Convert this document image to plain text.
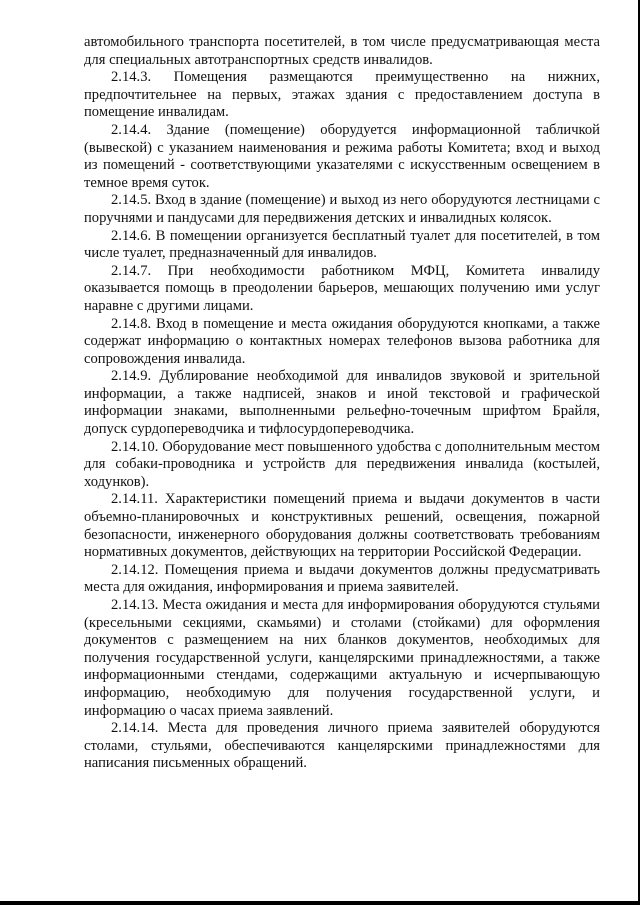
автомобильного транспорта посетителей, в том числе предусматривающая места для специальных автотранспортных средств инвалидов.

2.14.3. Помещения размещаются преимущественно на нижних, предпочтительнее на первых, этажах здания с предоставлением доступа в помещение инвалидам.

2.14.4. Здание (помещение) оборудуется информационной табличкой (вывеской) с указанием наименования и режима работы Комитета; вход и выход из помещений - соответствующими указателями с искусственным освещением в темное время суток.

2.14.5. Вход в здание (помещение) и выход из него оборудуются лестницами с поручнями и пандусами для передвижения детских и инвалидных колясок.

2.14.6. В помещении организуется бесплатный туалет для посетителей, в том числе туалет, предназначенный для инвалидов.

2.14.7. При необходимости работником МФЦ, Комитета инвалиду оказывается помощь в преодолении барьеров, мешающих получению ими услуг наравне с другими лицами.

2.14.8. Вход в помещение и места ожидания оборудуются кнопками, а также содержат информацию о контактных номерах телефонов вызова работника для сопровождения инвалида.

2.14.9. Дублирование необходимой для инвалидов звуковой и зрительной информации, а также надписей, знаков и иной текстовой и графической информации знаками, выполненными рельефно-точечным шрифтом Брайля, допуск сурдопереводчика и тифлосурдопереводчика.

2.14.10. Оборудование мест повышенного удобства с дополнительным местом для собаки-проводника и устройств для передвижения инвалида (костылей, ходунков).

2.14.11. Характеристики помещений приема и выдачи документов в части объемно-планировочных и конструктивных решений, освещения, пожарной безопасности, инженерного оборудования должны соответствовать требованиям нормативных документов, действующих на территории Российской Федерации.

2.14.12. Помещения приема и выдачи документов должны предусматривать места для ожидания, информирования и приема заявителей.

2.14.13. Места ожидания и места для информирования оборудуются стульями (кресельными секциями, скамьями) и столами (стойками) для оформления документов с размещением на них бланков документов, необходимых для получения государственной услуги, канцелярскими принадлежностями, а также информационными стендами, содержащими актуальную и исчерпывающую информацию, необходимую для получения государственной услуги, и информацию о часах приема заявлений.

2.14.14. Места для проведения личного приема заявителей оборудуются столами, стульями, обеспечиваются канцелярскими принадлежностями для написания письменных обращений.
